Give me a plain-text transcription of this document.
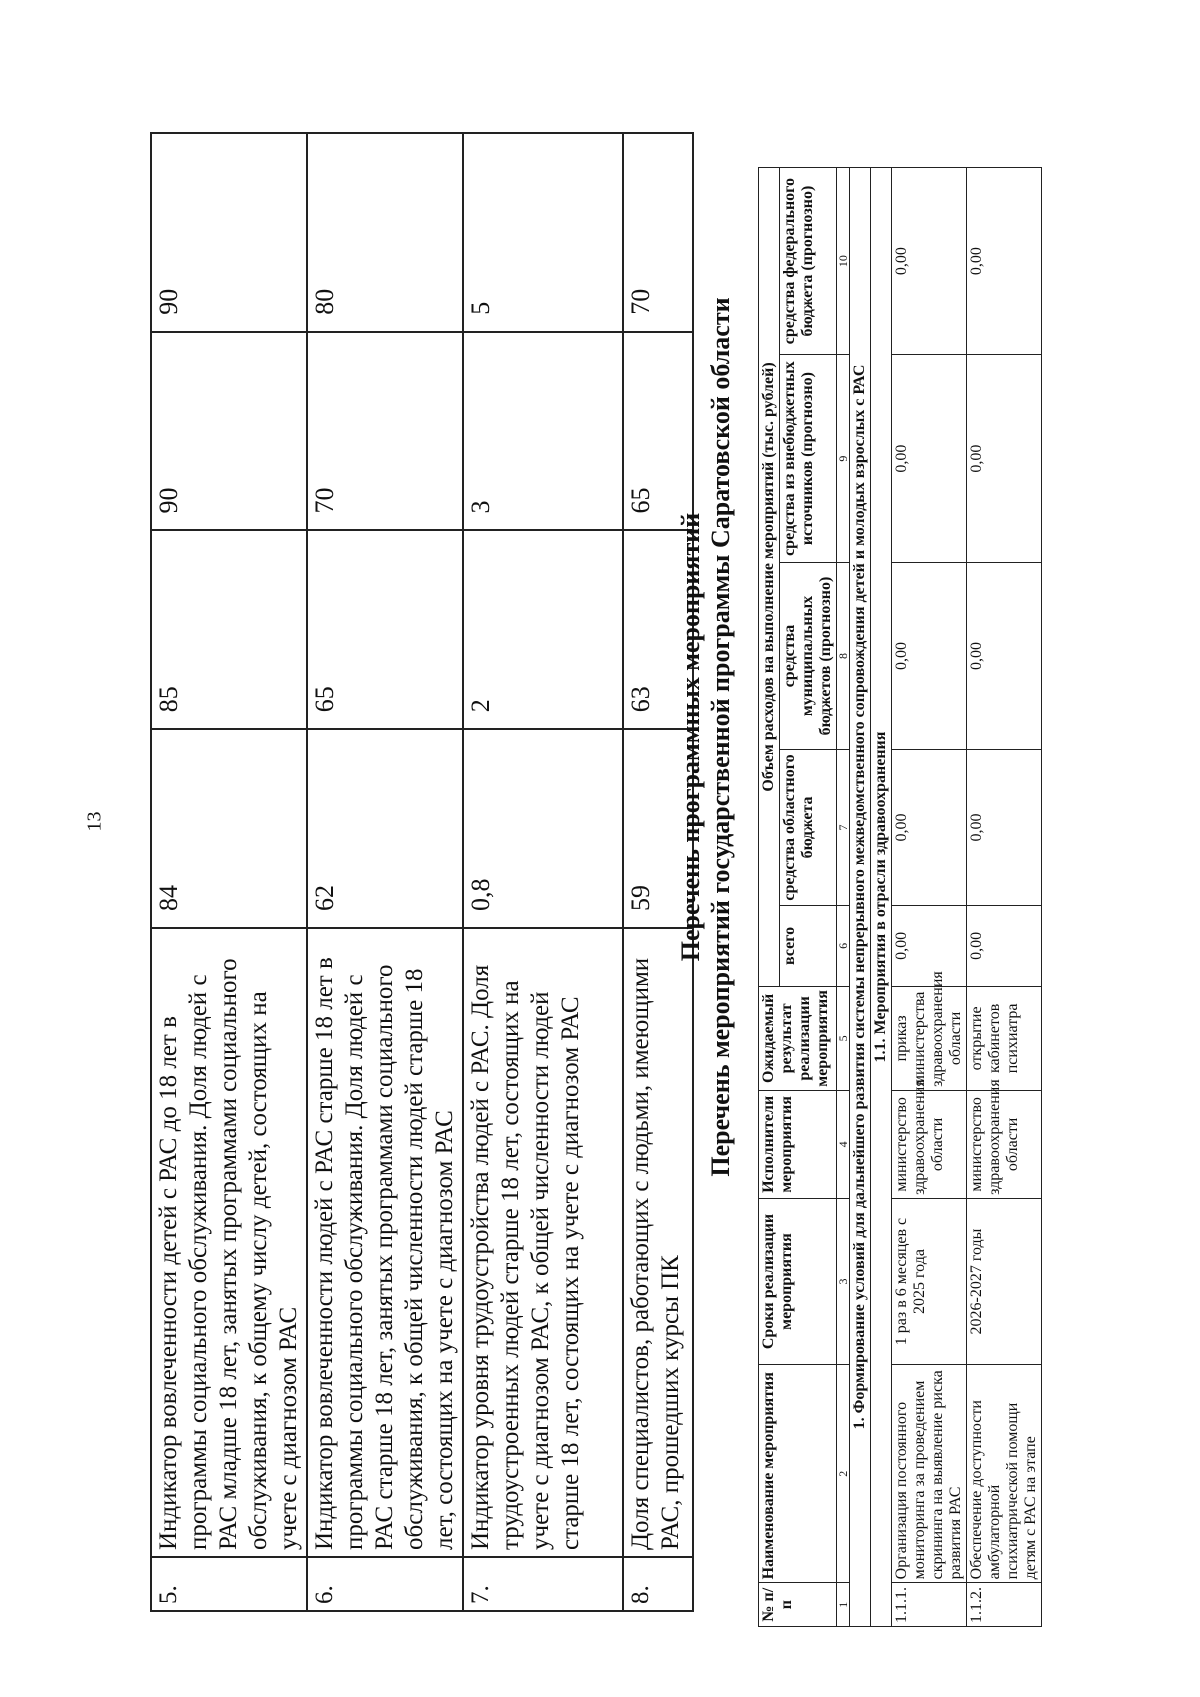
13
5.	Индикатор вовлеченности детей с РАС до 18 лет в программы социального обслуживания. Доля людей с РАС младше 18 лет, занятых программами социального обслуживания, к общему числу детей, состоящих на учете с диагнозом РАС	84	85	90	90
6.	Индикатор вовлеченности людей с РАС старше 18 лет в программы социального обслуживания. Доля людей с РАС старше 18 лет, занятых программами социального обслуживания, к общей численности людей старше 18 лет, состоящих на учете с диагнозом РАС	62	65	70	80
7.	Индикатор уровня трудоустройства людей с РАС. Доля трудоустроенных людей старше 18 лет, состоящих на учете с диагнозом РАС, к общей численности людей старше 18 лет, состоящих на учете с диагнозом РАС	0,8	2	3	5
8.	Доля специалистов, работающих с людьми, имеющими РАС, прошедших курсы ПК	59	63	65	70
Перечень программных мероприятий Перечень мероприятий государственной программы Саратовской области
№ п/п	Наименование мероприятия	Сроки реализации мероприятия	Исполнители мероприятия	Ожидаемый результат реализации мероприятия	Объем расходов на выполнение мероприятий (тыс. рублей)				
					всего	средства областного бюджета	средства муниципальных бюджетов (прогнозно)	средства из внебюджетных источников (прогнозно)	средства федерального бюджета (прогнозно)
1	2	3	4	5	6	7	8	9	10
1. Формирование условий для дальнейшего развития системы непрерывного межведомственного сопровождения детей и молодых взрослых с РАС									
1.1. Мероприятия в отрасли здравоохранения									
1.1.1.	Организация постоянного мониторинга за проведением скрининга на выявление риска развития РАС	1 раз в 6 месяцев с 2025 года	министерство здравоохранения области	приказ министерства здравоохранения области	0,00	0,00	0,00	0,00	0,00
1.1.2.	Обеспечение доступности амбулаторной психиатрической помощи детям с РАС на этапе	2026-2027 годы	министерство здравоохранения области	открытие кабинетов психиатра	0,00	0,00	0,00	0,00	0,00
